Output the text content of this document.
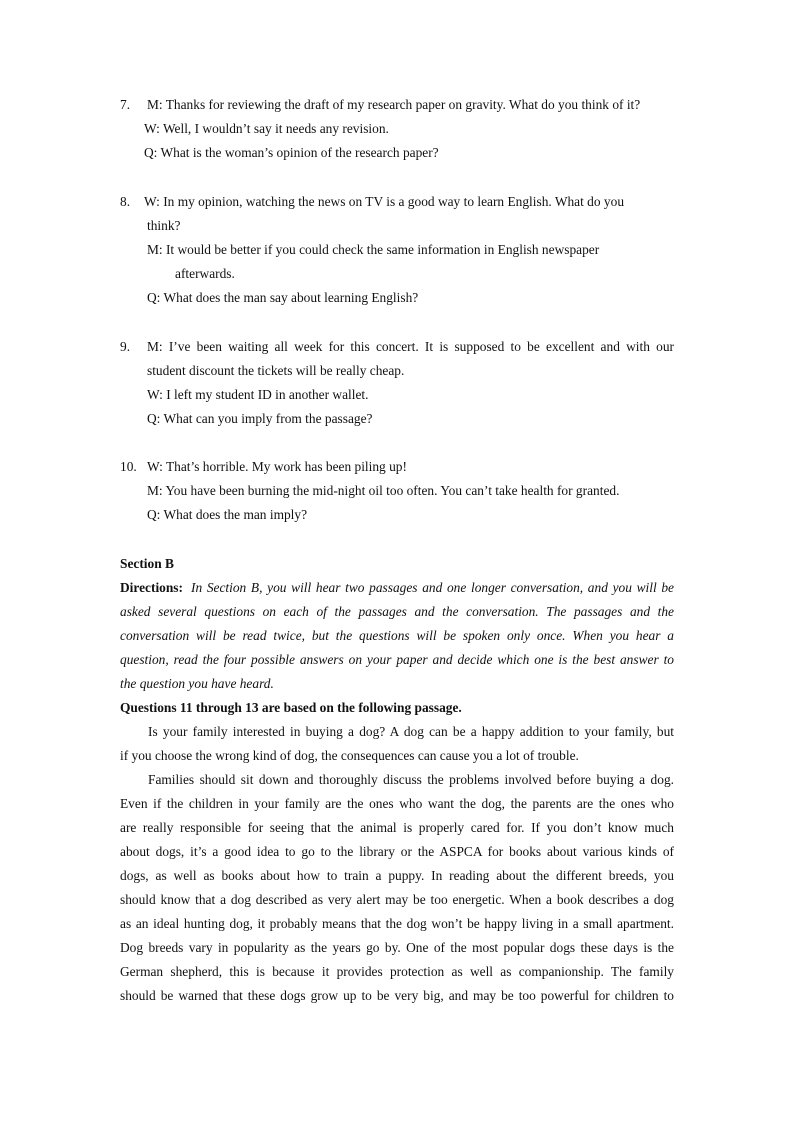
7. M: Thanks for reviewing the draft of my research paper on gravity. What do you think of it?
W: Well, I wouldn’t say it needs any revision.
Q: What is the woman’s opinion of the research paper?
8. W: In my opinion, watching the news on TV is a good way to learn English. What do you
think?
M: It would be better if you could check the same information in English newspaper
afterwards.
Q: What does the man say about learning English?
9. M: I’ve been waiting all week for this concert. It is supposed to be excellent and with our
student discount the tickets will be really cheap.
W: I left my student ID in another wallet.
Q: What can you imply from the passage?
10. W: That’s horrible. My work has been piling up!
M: You have been burning the mid-night oil too often. You can’t take health for granted.
Q: What does the man imply?
Section B
Directions: In Section B, you will hear two passages and one longer conversation, and you will be
asked several questions on each of the passages and the conversation. The passages and the
conversation will be read twice, but the questions will be spoken only once. When you hear a
question, read the four possible answers on your paper and decide which one is the best answer to
the question you have heard.
Questions 11 through 13 are based on the following passage.
Is your family interested in buying a dog? A dog can be a happy addition to your family, but
if you choose the wrong kind of dog, the consequences can cause you a lot of trouble.
Families should sit down and thoroughly discuss the problems involved before buying a dog.
Even if the children in your family are the ones who want the dog, the parents are the ones who
are really responsible for seeing that the animal is properly cared for. If you don’t know much
about dogs, it’s a good idea to go to the library or the ASPCA for books about various kinds of
dogs, as well as books about how to train a puppy. In reading about the different breeds, you
should know that a dog described as very alert may be too energetic. When a book describes a dog
as an ideal hunting dog, it probably means that the dog won’t be happy living in a small apartment.
Dog breeds vary in popularity as the years go by. One of the most popular dogs these days is the
German shepherd, this is because it provides protection as well as companionship. The family
should be warned that these dogs grow up to be very big, and may be too powerful for children to
